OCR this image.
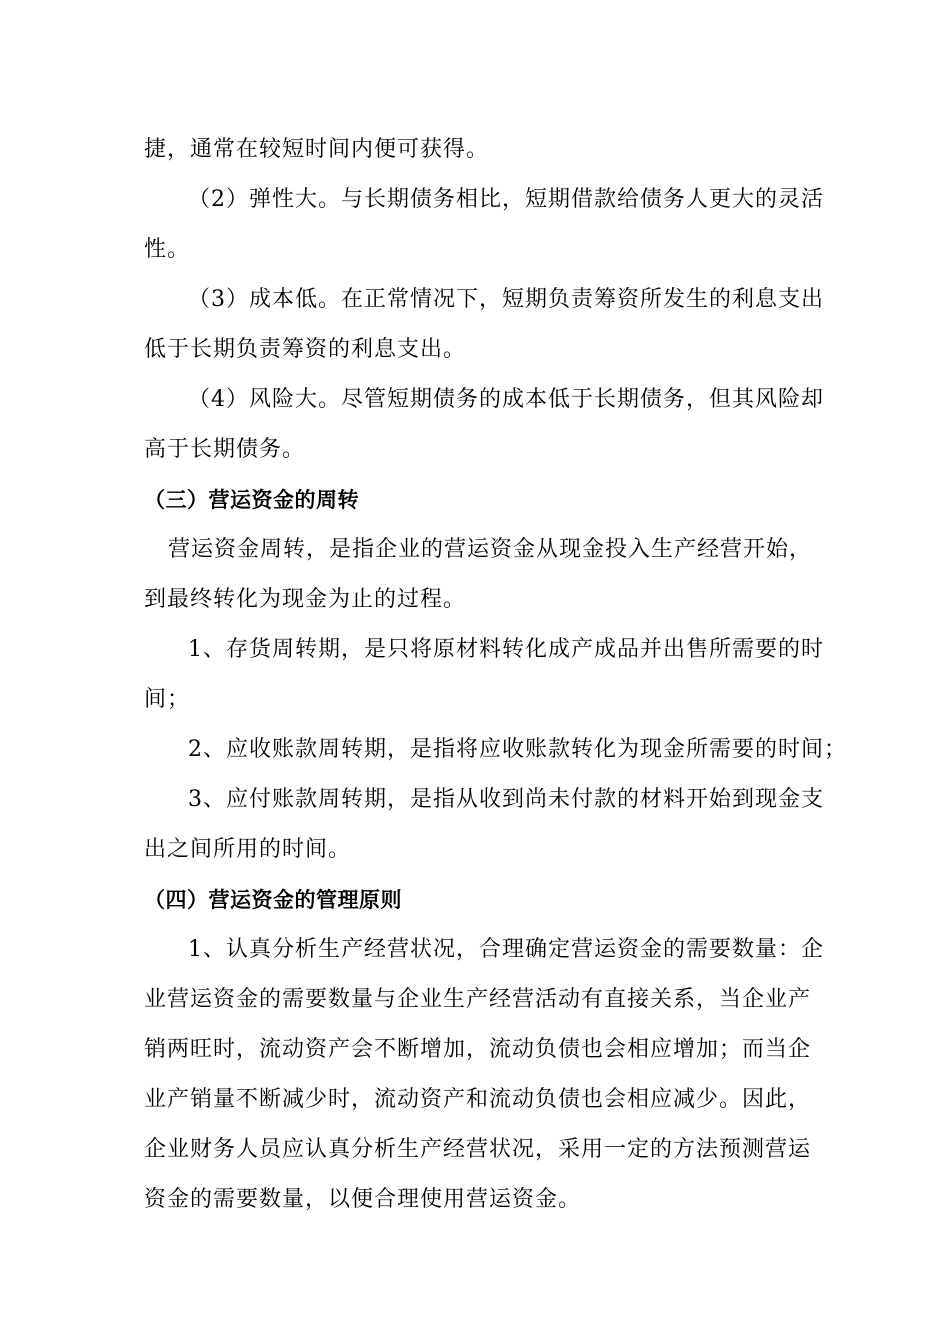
捷，通常在较短时间内便可获得。
（2）弹性大。与长期债务相比，短期借款给债务人更大的灵活
性。
（3）成本低。在正常情况下，短期负责筹资所发生的利息支出
低于长期负责筹资的利息支出。
（4）风险大。尽管短期债务的成本低于长期债务，但其风险却
高于长期债务。
（三）营运资金的周转
营运资金周转，是指企业的营运资金从现金投入生产经营开始，
到最终转化为现金为止的过程。
1、存货周转期，是只将原材料转化成产成品并出售所需要的时
间；
2、应收账款周转期，是指将应收账款转化为现金所需要的时间；
3、应付账款周转期，是指从收到尚未付款的材料开始到现金支
出之间所用的时间。
（四）营运资金的管理原则
1、认真分析生产经营状况，合理确定营运资金的需要数量：企
业营运资金的需要数量与企业生产经营活动有直接关系，当企业产
销两旺时，流动资产会不断增加，流动负债也会相应增加；而当企
业产销量不断减少时，流动资产和流动负债也会相应减少。因此，
企业财务人员应认真分析生产经营状况，采用一定的方法预测营运
资金的需要数量，以便合理使用营运资金。
